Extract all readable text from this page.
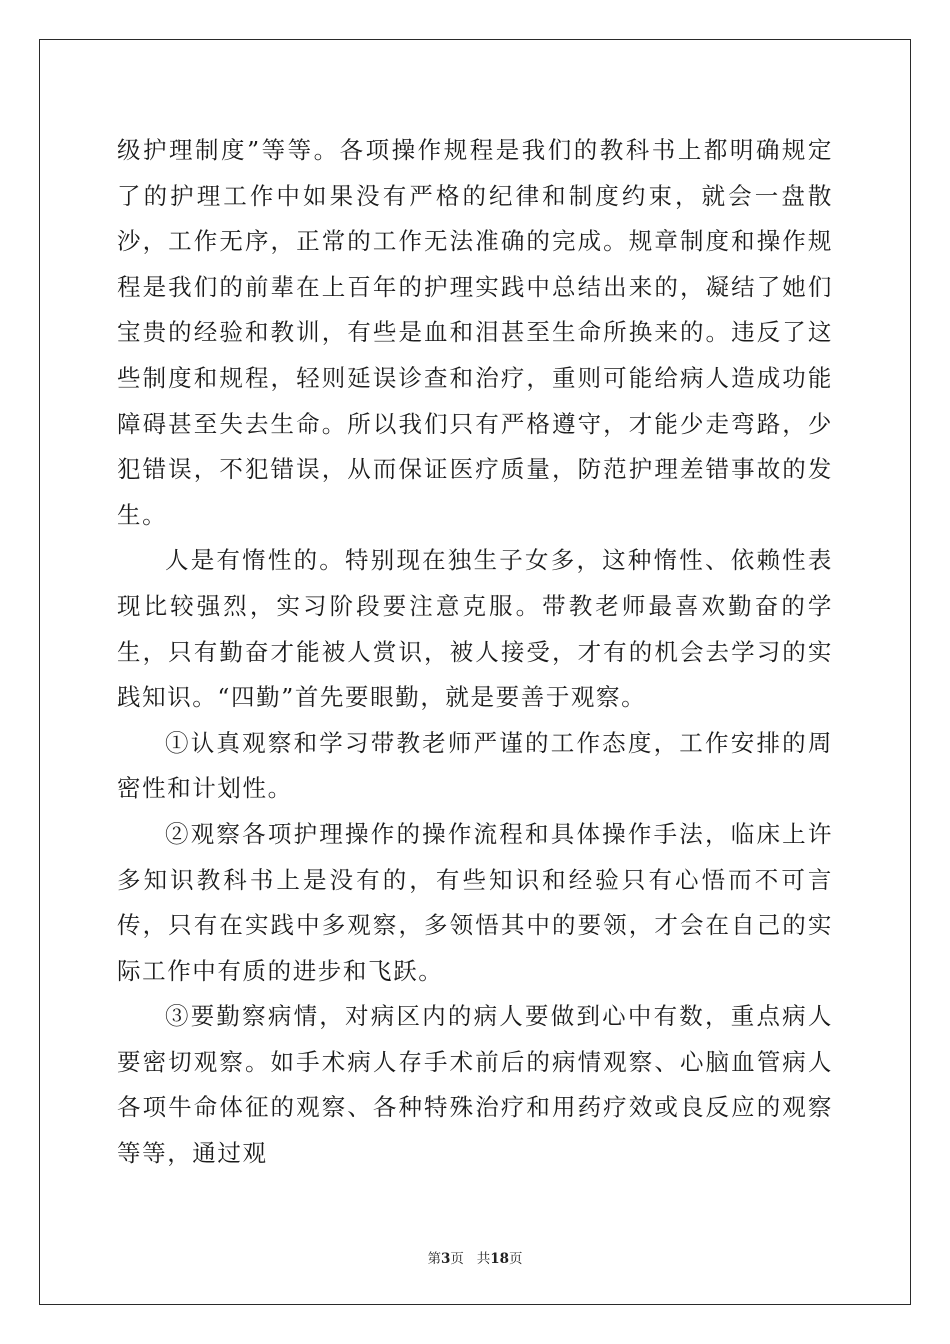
级护理制度”等等。各项操作规程是我们的教科书上都明确规定了的护理工作中如果没有严格的纪律和制度约束，就会一盘散沙，工作无序，正常的工作无法准确的完成。规章制度和操作规程是我们的前辈在上百年的护理实践中总结出来的，凝结了她们宝贵的经验和教训，有些是血和泪甚至生命所换来的。违反了这些制度和规程，轻则延误诊查和治疗，重则可能给病人造成功能障碍甚至失去生命。所以我们只有严格遵守，才能少走弯路，少犯错误，不犯错误，从而保证医疗质量，防范护理差错事故的发生。

人是有惰性的。特别现在独生子女多，这种惰性、依赖性表现比较强烈，实习阶段要注意克服。带教老师最喜欢勤奋的学生，只有勤奋才能被人赏识，被人接受，才有的机会去学习的实践知识。“四勤”首先要眼勤，就是要善于观察。

①认真观察和学习带教老师严谨的工作态度，工作安排的周密性和计划性。

②观察各项护理操作的操作流程和具体操作手法，临床上许多知识教科书上是没有的，有些知识和经验只有心悟而不可言传，只有在实践中多观察，多领悟其中的要领，才会在自己的实际工作中有质的进步和飞跃。

③要勤察病情，对病区内的病人要做到心中有数，重点病人要密切观察。如手术病人存手术前后的病情观察、心脑血管病人各项牛命体征的观察、各种特殊治疗和用药疗效或良反应的观察等等，通过观

第3页 共18页
